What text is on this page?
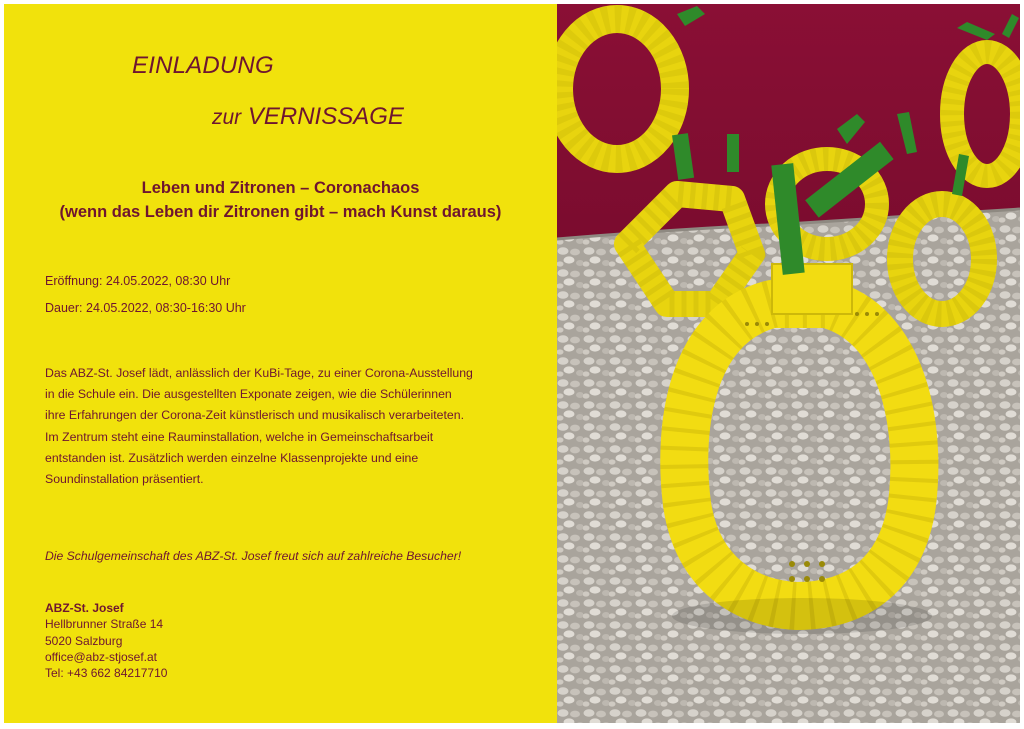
EINLADUNG
zur VERNISSAGE
Leben und Zitronen – Coronachaos
(wenn das Leben dir Zitronen gibt – mach Kunst daraus)
Eröffnung: 24.05.2022, 08:30 Uhr
Dauer: 24.05.2022, 08:30-16:30 Uhr
Das ABZ-St. Josef lädt, anlässlich der KuBi-Tage, zu einer Corona-Ausstellung
in die Schule ein. Die ausgestellten Exponate zeigen, wie die Schülerinnen
ihre Erfahrungen der Corona-Zeit künstlerisch und musikalisch verarbeiteten.
Im Zentrum steht eine Rauminstallation, welche in Gemeinschaftsarbeit
entstanden ist. Zusätzlich werden einzelne Klassenprojekte und eine
Soundinstallation präsentiert.
Die Schulgemeinschaft des ABZ-St. Josef freut sich auf zahlreiche Besucher!
ABZ-St. Josef
Hellbrunner Straße 14
5020 Salzburg
office@abz-stjosef.at
Tel: +43 662 84217710
